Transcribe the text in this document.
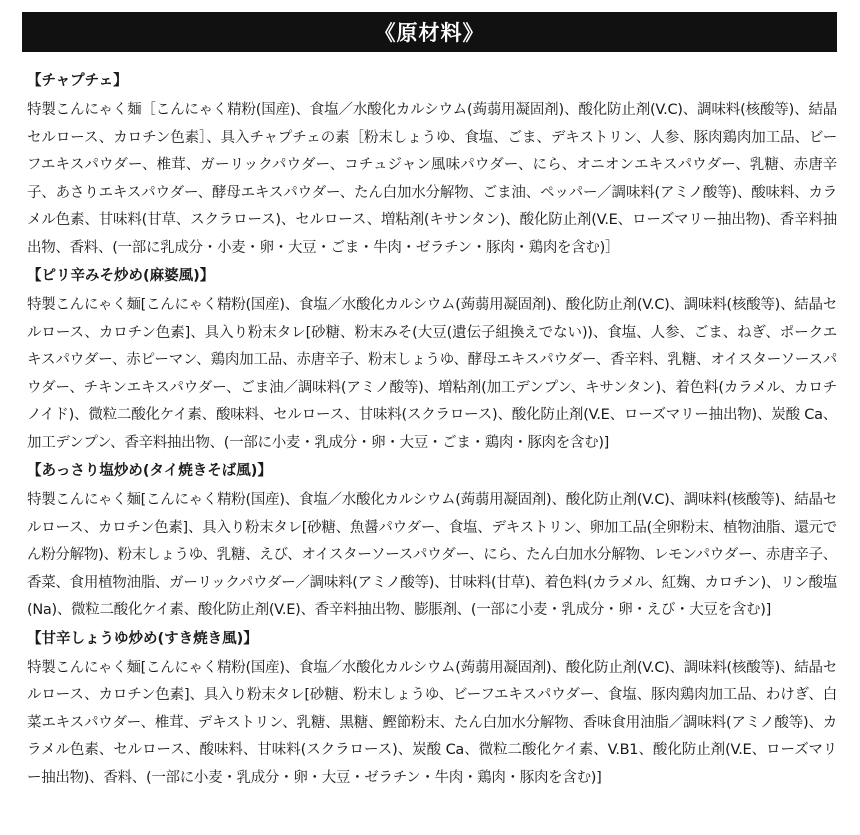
《原材料》
【チャプチェ】
特製こんにゃく麺［こんにゃく精粉(国産)、食塩／水酸化カルシウム(蒟蒻用凝固剤)、酸化防止剤(V.C)、調味料(核酸等)、結晶セルロース、カロチン色素］、具入チャプチェの素［粉末しょうゆ、食塩、ごま、デキストリン、人参、豚肉鶏肉加工品、ビーフエキスパウダー、椎茸、ガーリックパウダー、コチュジャン風味パウダー、にら、オニオンエキスパウダー、乳糖、赤唐辛子、あさりエキスパウダー、酵母エキスパウダー、たん白加水分解物、ごま油、ペッパー／調味料(アミノ酸等)、酸味料、カラメル色素、甘味料(甘草、スクラロース)、セルロース、増粘剤(キサンタン)、酸化防止剤(V.E、ローズマリー抽出物)、香辛料抽出物、香料、(一部に乳成分・小麦・卵・大豆・ごま・牛肉・ゼラチン・豚肉・鶏肉を含む)］
【ピリ辛みそ炒め(麻婆風)】
特製こんにゃく麺[こんにゃく精粉(国産)、食塩／水酸化カルシウム(蒟蒻用凝固剤)、酸化防止剤(V.C)、調味料(核酸等)、結晶セルロース、カロチン色素]、具入り粉末タレ[砂糖、粉末みそ(大豆(遺伝子組換えでない))、食塩、人参、ごま、ねぎ、ポークエキスパウダー、赤ピーマン、鶏肉加工品、赤唐辛子、粉末しょうゆ、酵母エキスパウダー、香辛料、乳糖、オイスターソースパウダー、チキンエキスパウダー、ごま油／調味料(アミノ酸等)、増粘剤(加工デンプン、キサンタン)、着色料(カラメル、カロチノイド)、微粒二酸化ケイ素、酸味料、セルロース、甘味料(スクラロース)、酸化防止剤(V.E、ローズマリー抽出物)、炭酸 Ca、加工デンプン、香辛料抽出物、(一部に小麦・乳成分・卵・大豆・ごま・鶏肉・豚肉を含む)]
【あっさり塩炒め(タイ焼きそば風)】
特製こんにゃく麺[こんにゃく精粉(国産)、食塩／水酸化カルシウム(蒟蒻用凝固剤)、酸化防止剤(V.C)、調味料(核酸等)、結晶セルロース、カロチン色素]、具入り粉末タレ[砂糖、魚醤パウダー、食塩、デキストリン、卵加工品(全卵粉末、植物油脂、還元でん粉分解物)、粉末しょうゆ、乳糖、えび、オイスターソースパウダー、にら、たん白加水分解物、レモンパウダー、赤唐辛子、香菜、食用植物油脂、ガーリックパウダー／調味料(アミノ酸等)、甘味料(甘草)、着色料(カラメル、紅麹、カロチン)、リン酸塩(Na)、微粒二酸化ケイ素、酸化防止剤(V.E)、香辛料抽出物、膨脹剤、(一部に小麦・乳成分・卵・えび・大豆を含む)]
【甘辛しょうゆ炒め(すき焼き風)】
特製こんにゃく麺[こんにゃく精粉(国産)、食塩／水酸化カルシウム(蒟蒻用凝固剤)、酸化防止剤(V.C)、調味料(核酸等)、結晶セルロース、カロチン色素]、具入り粉末タレ[砂糖、粉末しょうゆ、ビーフエキスパウダー、食塩、豚肉鶏肉加工品、わけぎ、白菜エキスパウダー、椎茸、デキストリン、乳糖、黒糖、鰹節粉末、たん白加水分解物、香味食用油脂／調味料(アミノ酸等)、カラメル色素、セルロース、酸味料、甘味料(スクラロース)、炭酸 Ca、微粒二酸化ケイ素、V.B1、酸化防止剤(V.E、ローズマリー抽出物)、香料、(一部に小麦・乳成分・卵・大豆・ゼラチン・牛肉・鶏肉・豚肉を含む)]
